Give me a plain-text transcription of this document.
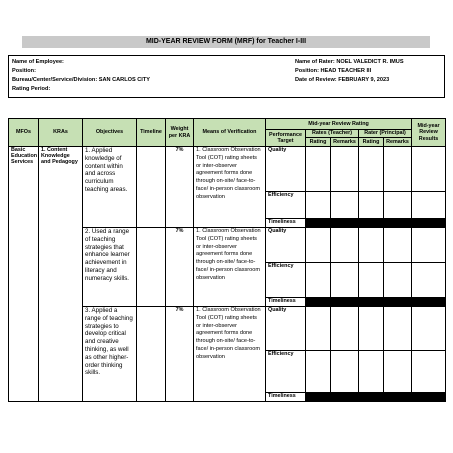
MID-YEAR REVIEW FORM (MRF) for Teacher I-III
Name of Employee:
Position:
Bureau/Center/Service/Division: SAN CARLOS CITY
Rating Period:
Name of Rater: NOEL VALEDICT R. IMUS
Position: HEAD TEACHER III
Date of Review: FEBRUARY 9, 2023
MFOs	KRAs	Objectives	Timeline	Weight per KRA	Means of Verification	Mid-year Review Rating					Mid-year Review Results
						Performance Target	Rates (Teacher)		Rater (Principal)		
							Rating	Remarks	Rating	Remarks	
Basic Education Services	1. Content Knowledge and Pedagogy	1. Applied knowledge of content within and across curriculum teaching areas.		7%	1. Classroom Observation Tool (COT) rating sheets or inter-observer agreement forms done through on-site/ face-to-face/ in-person classroom observation	Quality					
						Efficiency					
						Timeliness					
		2. Used a range of teaching strategies that enhance learner achievement in literacy and numeracy skills.		7%	1. Classroom Observation Tool (COT) rating sheets or inter-observer agreement forms done through on-site/ face-to-face/ in-person classroom observation	Quality					
						Efficiency					
						Timeliness					
		3. Applied a range of teaching strategies to develop critical and creative thinking, as well as other higher-order thinking skills.		7%	1. Classroom Observation Tool (COT) rating sheets or inter-observer agreement forms done through on-site/ face-to-face/ in-person classroom observation	Quality					
						Efficiency					
						Timeliness					
